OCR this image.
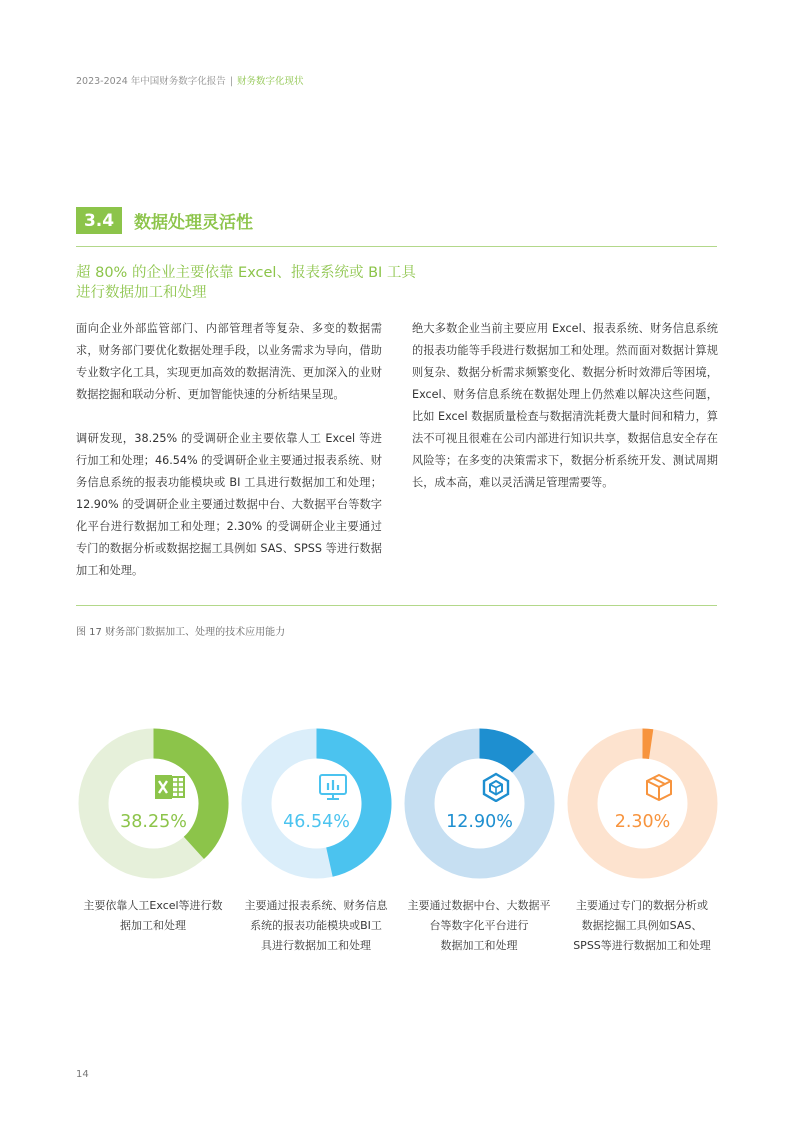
2023-2024 年中国财务数字化报告 | 财务数字化现状
3.4	数据处理灵活性
超 80% 的企业主要依靠 Excel、报表系统或 BI 工具
进行数据加工和处理

面向企业外部监管部门、内部管理者等复杂、多变的数据需求，财务部门要优化数据处理手段，以业务需求为导向，借助专业数字化工具，实现更加高效的数据清洗、更加深入的业财数据挖掘和联动分析、更加智能快速的分析结果呈现。

调研发现，38.25% 的受调研企业主要依靠人工 Excel 等进行加工和处理；46.54% 的受调研企业主要通过报表系统、财务信息系统的报表功能模块或 BI 工具进行数据加工和处理；12.90% 的受调研企业主要通过数据中台、大数据平台等数字化平台进行数据加工和处理；2.30% 的受调研企业主要通过专门的数据分析或数据挖掘工具例如 SAS、SPSS 等进行数据加工和处理。

绝大多数企业当前主要应用 Excel、报表系统、财务信息系统的报表功能等手段进行数据加工和处理。然而面对数据计算规则复杂、数据分析需求频繁变化、数据分析时效滞后等困境，Excel、财务信息系统在数据处理上仍然难以解决这些问题，比如 Excel 数据质量检查与数据清洗耗费大量时间和精力，算法不可视且很难在公司内部进行知识共享，数据信息安全存在风险等；在多变的决策需求下，数据分析系统开发、测试周期长，成本高，难以灵活满足管理需要等。

图 17 财务部门数据加工、处理的技术应用能力
38.25%	46.54%	12.90%	2.30%
主要依靠人工Excel等进行数
据加工和处理
主要通过报表系统、财务信息
系统的报表功能模块或BI工
具进行数据加工和处理
主要通过数据中台、大数据平
台等数字化平台进行
数据加工和处理
主要通过专门的数据分析或
数据挖掘工具例如SAS、
SPSS等进行数据加工和处理
14
